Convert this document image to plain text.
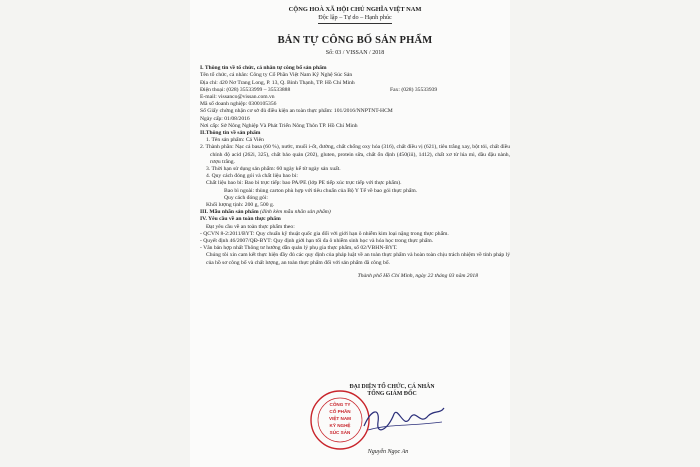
CỘNG HOÀ XÃ HỘI CHỦ NGHĨA VIỆT NAM
Độc lập – Tự do – Hạnh phúc
BẢN TỰ CÔNG BỐ SẢN PHẨM
Số: 03 / VISSAN / 2018
I. Thông tin về tổ chức, cá nhân tự công bố sản phẩm
Tên tổ chức, cá nhân: Công ty Cổ Phần Việt Nam Kỹ Nghệ Súc Sản
Địa chỉ: 420 Nơ Trang Long, P. 13, Q. Bình Thạnh, TP. Hồ Chí Minh
Điện thoại: (028) 35533999 – 35533888	Fax: (028) 35533939
E-mail: vissanco@vissan.com.vn
Mã số doanh nghiệp: 0300105356
Số Giấy chứng nhận cơ sở đủ điều kiện an toàn thực phẩm: 101/2016/NNPTNT-HCM
Ngày cấp: 01/08/2016
Nơi cấp: Sở Nông Nghiệp Và Phát Triển Nông Thôn TP. Hồ Chí Minh
II.Thông tin về sản phẩm
1. Tên sản phẩm: Cá Viên
2. Thành phần: Nạc cá basa (60 %), nước, muối i-ốt, đường, chất chống oxy hóa (316), chất điều vị (621), tiêu trắng xay, bột tỏi, chất điều chỉnh độ acid (262i, 325), chất bảo quản (202), gluten, protein sữa, chất ổn định (450(iii), 1412), chất xơ từ lúa mì, dầu đậu nành, rượu trắng.
3. Thời hạn sử dụng sản phẩm: 60 ngày kể từ ngày sản xuất.
4. Quy cách đóng gói và chất liệu bao bì:
Chất liệu bao bì: Bao bì trực tiếp: bao PA/PE (lớp PE tiếp xúc trực tiếp với thực phẩm).
Bao bì ngoài: thùng carton phù hợp với tiêu chuẩn của Bộ Y Tế về bao gói thực phẩm.
Quy cách đóng gói:
Khối lượng tịnh: 200 g, 500 g.
III. Mẫu nhãn sản phẩm (đính kèm mẫu nhãn sản phẩm)
IV. Yêu cầu về an toàn thực phẩm
Đạt yêu cầu về an toàn thực phẩm theo:
- QCVN 8-2:2011/BYT: Quy chuẩn kỹ thuật quốc gia đối với giới hạn ô nhiễm kim loại nặng trong thực phẩm.
- Quyết định 46/2007/QĐ-BYT: Quy định giới hạn tối đa ô nhiễm sinh học và hóa học trong thực phẩm.
- Văn bản hợp nhất Thông tư hướng dẫn quản lý phụ gia thực phẩm, số 02/VBHN-BYT.
Chúng tôi xin cam kết thực hiện đầy đủ các quy định của pháp luật về an toàn thực phẩm và hoàn toàn chịu trách nhiệm về tính pháp lý của hồ sơ công bố và chất lượng, an toàn thực phẩm đối với sản phẩm đã công bố.
Thành phố Hồ Chí Minh, ngày 22 tháng 03 năm 2018
ĐẠI DIỆN TỔ CHỨC, CÁ NHÂN
TỔNG GIÁM ĐỐC
CÔNG TY
CỔ PHẦN
VIỆT NAM
KỸ NGHỆ
SÚC SẢN
Nguyễn Ngọc An
